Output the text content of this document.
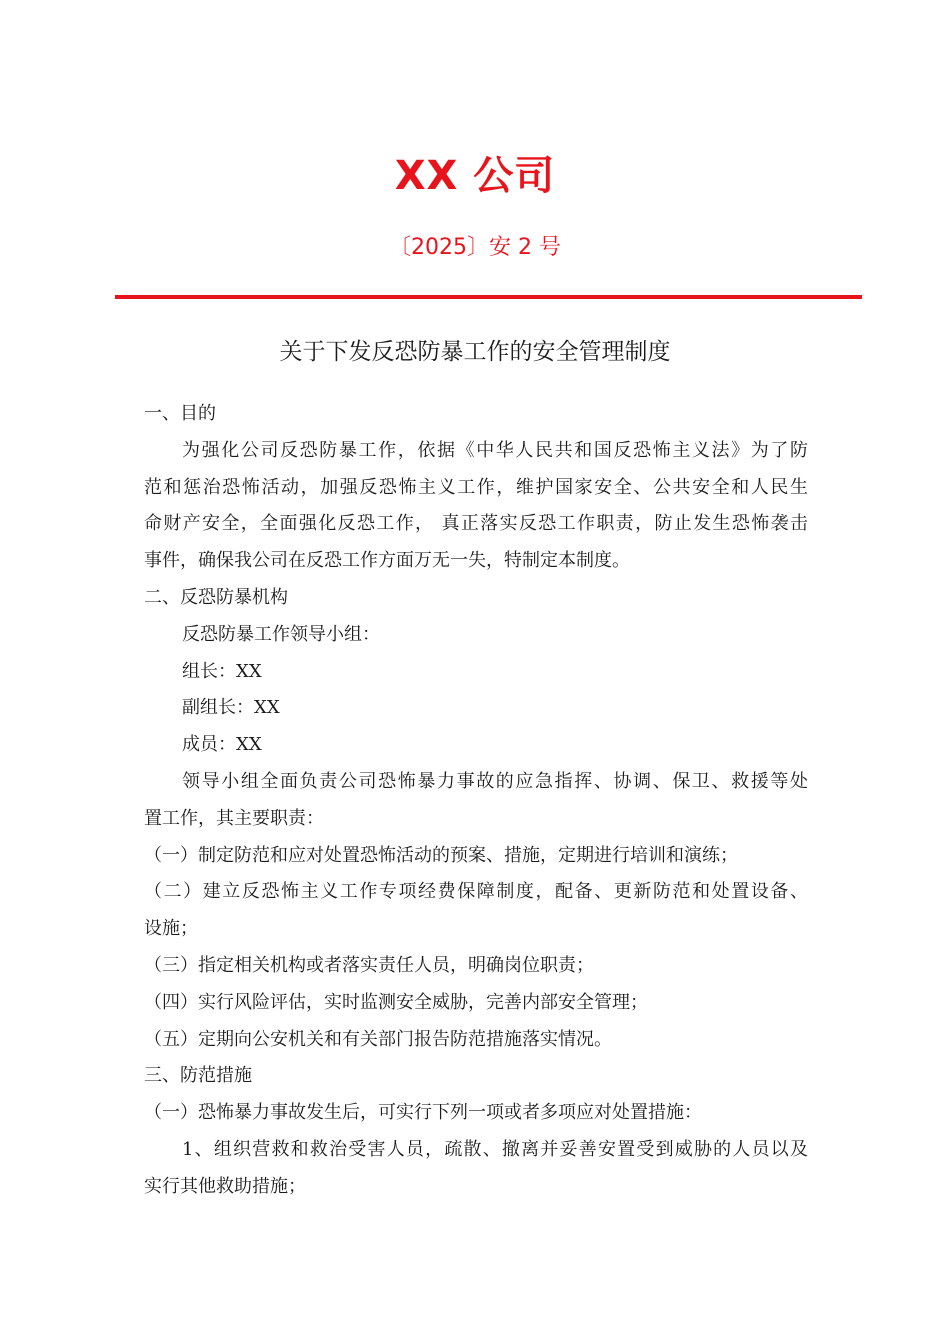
XX 公司
〔2025〕安 2 号
关于下发反恐防暴工作的安全管理制度
一、目的
为强化公司反恐防暴工作，依据《中华人民共和国反恐怖主义法》为了防
范和惩治恐怖活动，加强反恐怖主义工作，维护国家安全、公共安全和人民生
命财产安全，全面强化反恐工作， 真正落实反恐工作职责，防止发生恐怖袭击
事件，确保我公司在反恐工作方面万无一失，特制定本制度。
二、反恐防暴机构
反恐防暴工作领导小组：
组长：XX
副组长：XX
成员：XX
领导小组全面负责公司恐怖暴力事故的应急指挥、协调、保卫、救援等处
置工作，其主要职责：
（一）制定防范和应对处置恐怖活动的预案、措施，定期进行培训和演练；
（二）建立反恐怖主义工作专项经费保障制度，配备、更新防范和处置设备、
设施；
（三）指定相关机构或者落实责任人员，明确岗位职责；
（四）实行风险评估，实时监测安全威胁，完善内部安全管理；
（五）定期向公安机关和有关部门报告防范措施落实情况。
三、防范措施
（一）恐怖暴力事故发生后，可实行下列一项或者多项应对处置措施：
1、组织营救和救治受害人员，疏散、撤离并妥善安置受到威胁的人员以及
实行其他救助措施；
